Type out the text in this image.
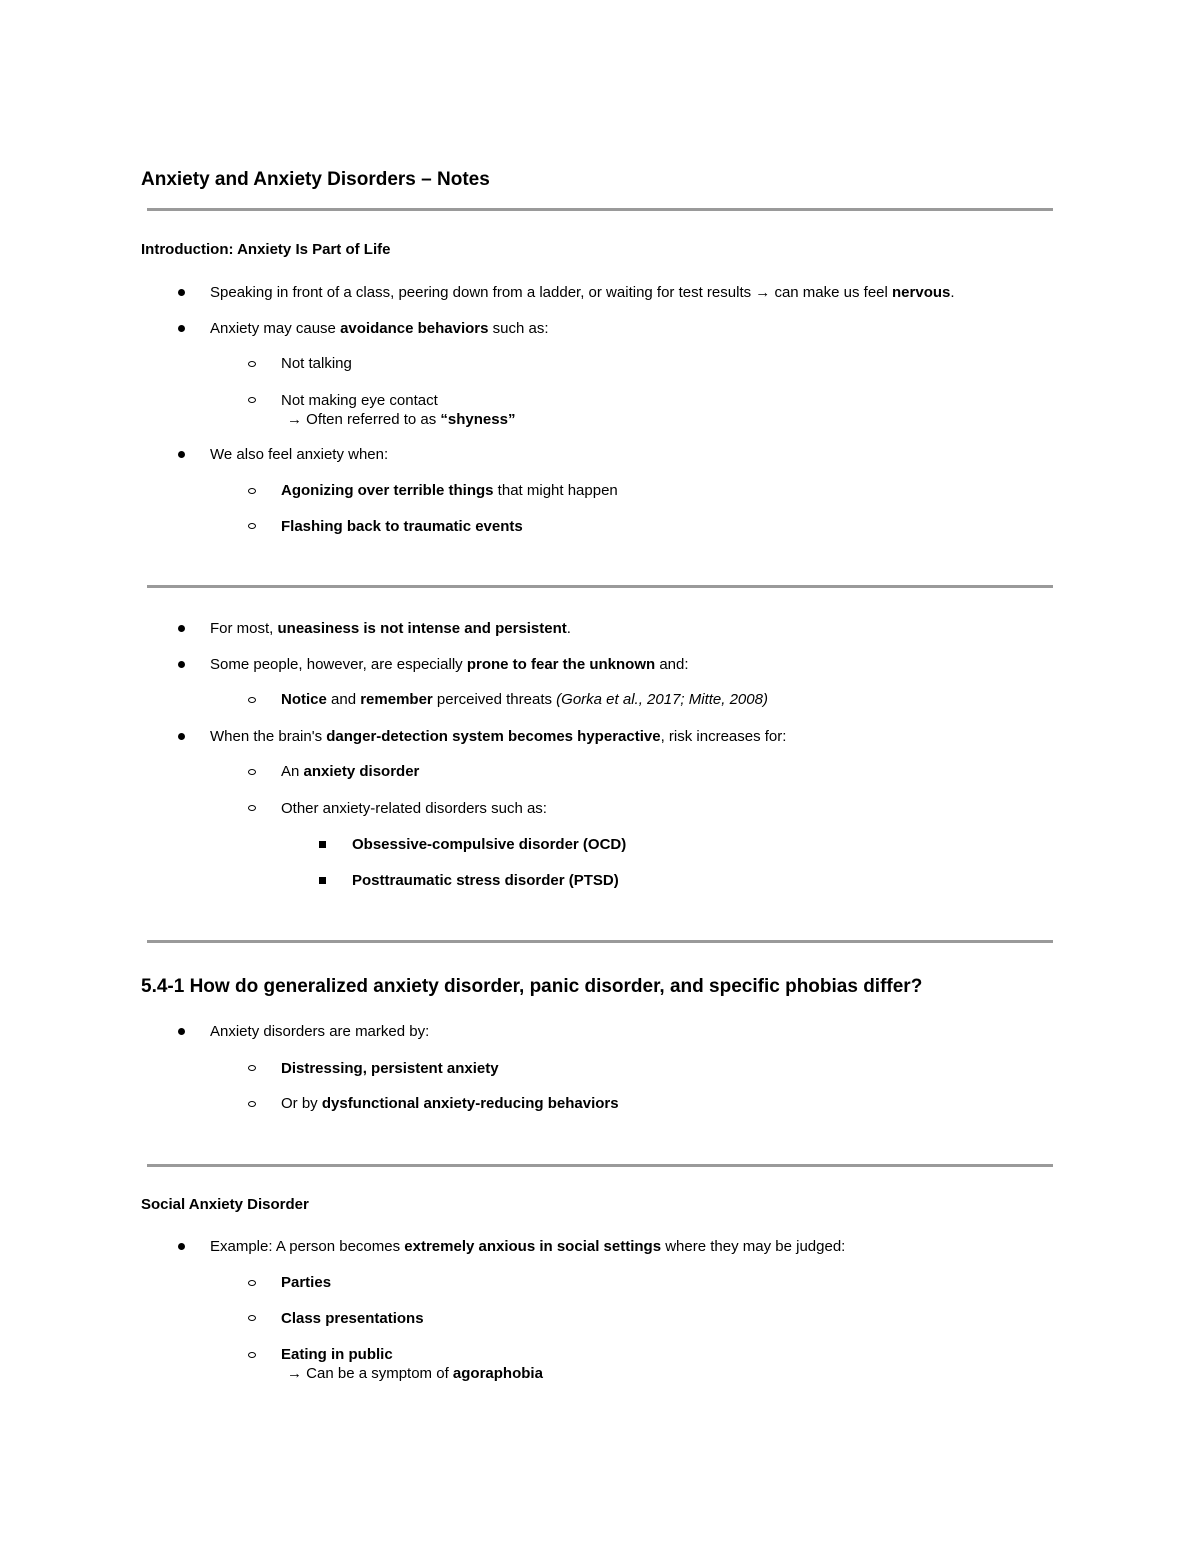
Anxiety and Anxiety Disorders – Notes
Introduction: Anxiety Is Part of Life
Speaking in front of a class, peering down from a ladder, or waiting for test results → can make us feel nervous.
Anxiety may cause avoidance behaviors such as:
Not talking
Not making eye contact
→ Often referred to as “shyness”
We also feel anxiety when:
Agonizing over terrible things that might happen
Flashing back to traumatic events
For most, uneasiness is not intense and persistent.
Some people, however, are especially prone to fear the unknown and:
Notice and remember perceived threats (Gorka et al., 2017; Mitte, 2008)
When the brain's danger-detection system becomes hyperactive, risk increases for:
An anxiety disorder
Other anxiety-related disorders such as:
Obsessive-compulsive disorder (OCD)
Posttraumatic stress disorder (PTSD)
5.4-1 How do generalized anxiety disorder, panic disorder, and specific phobias differ?
Anxiety disorders are marked by:
Distressing, persistent anxiety
Or by dysfunctional anxiety-reducing behaviors
Social Anxiety Disorder
Example: A person becomes extremely anxious in social settings where they may be judged:
Parties
Class presentations
Eating in public
→ Can be a symptom of agoraphobia
